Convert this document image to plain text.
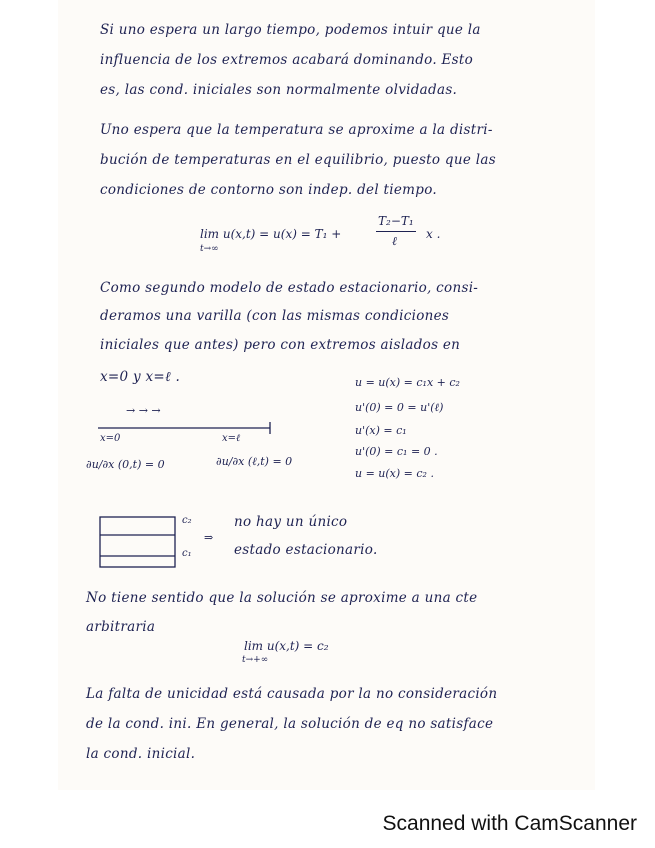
Si uno espera un largo tiempo, podemos intuir que la
influencia de los extremos acabará dominando. Esto
es, las cond. iniciales son normalmente olvidadas.
Uno espera que la temperatura se aproxime a la distri-
bución de temperaturas en el equilibrio, puesto que las
condiciones de contorno son indep. del tiempo.
lim u(x,t) = u(x) = T₁ +
t→∞
T₂−T₁
ℓ x .
Como segundo modelo de estado estacionario, consi-
deramos una varilla (con las mismas condiciones
iniciales que antes) pero con extremos aislados en
x=0 y x=ℓ .
→ → →
x=0	x=ℓ
∂u/∂x (0,t) = 0	∂u/∂x (ℓ,t) = 0
u = u(x) = c₁x + c₂
u'(0) = 0 = u'(ℓ)
u'(x) = c₁
u'(0) = c₁ = 0 .
u = u(x) = c₂ .
c₂
c₁
⇒
no hay un único
estado estacionario.
No tiene sentido que la solución se aproxime a una cte
arbitraria
lim u(x,t) = c₂
t→+∞
La falta de unicidad está causada por la no consideración
de la cond. ini. En general, la solución de eq no satisface
la cond. inicial.
Scanned with CamScanner
